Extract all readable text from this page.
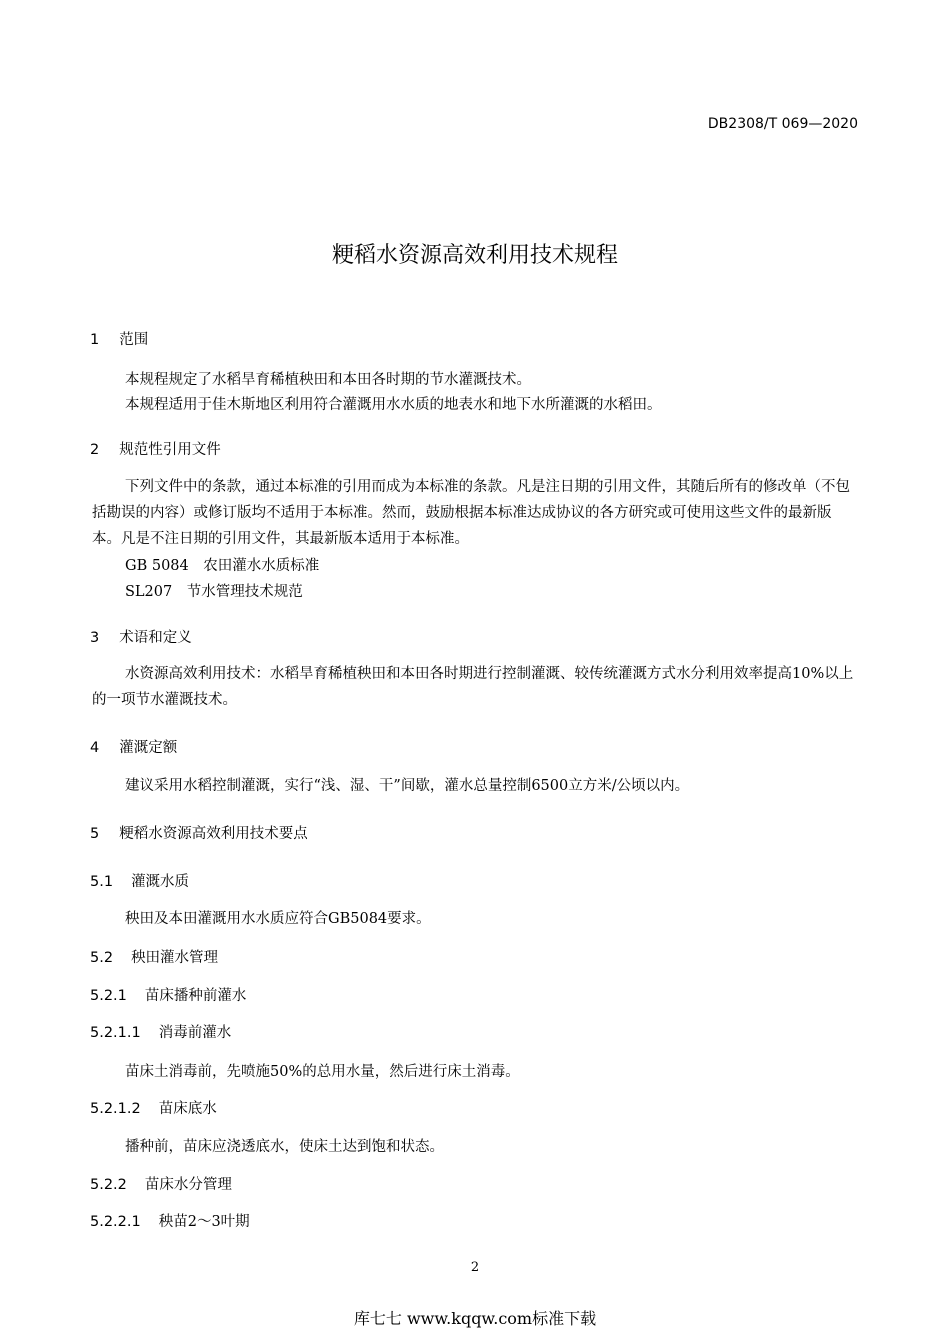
DB2308/T 069—2020
粳稻水资源高效利用技术规程
1 范围
本规程规定了水稻旱育稀植秧田和本田各时期的节水灌溉技术。
本规程适用于佳木斯地区利用符合灌溉用水水质的地表水和地下水所灌溉的水稻田。
2 规范性引用文件
下列文件中的条款，通过本标准的引用而成为本标准的条款。凡是注日期的引用文件，其随后所有的修改单（不包括勘误的内容）或修订版均不适用于本标准。然而，鼓励根据本标准达成协议的各方研究或可使用这些文件的最新版本。凡是不注日期的引用文件，其最新版本适用于本标准。
GB 5084　农田灌水水质标准
SL207　节水管理技术规范
3 术语和定义
水资源高效利用技术：水稻旱育稀植秧田和本田各时期进行控制灌溉、较传统灌溉方式水分利用效率提高10%以上的一项节水灌溉技术。
4 灌溉定额
建议采用水稻控制灌溉，实行“浅、湿、干”间歇，灌水总量控制6500立方米/公顷以内。
5 粳稻水资源高效利用技术要点
5.1 灌溉水质
秧田及本田灌溉用水水质应符合GB5084要求。
5.2 秧田灌水管理
5.2.1 苗床播种前灌水
5.2.1.1 消毒前灌水
苗床土消毒前，先喷施50%的总用水量，然后进行床土消毒。
5.2.1.2 苗床底水
播种前，苗床应浇透底水，使床土达到饱和状态。
5.2.2 苗床水分管理
5.2.2.1 秧苗2～3叶期
2
库七七 www.kqqw.com标准下载
